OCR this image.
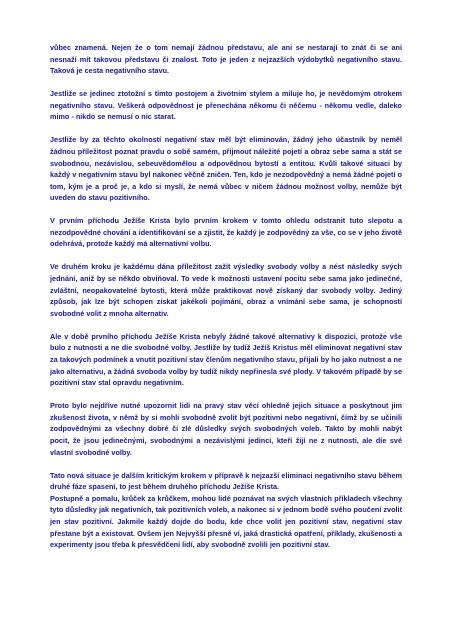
vůbec znamená. Nejen že o tom nemají žádnou představu, ale ani se nestarají to znát či se ani nesnaží mít takovou představu či znalost. Toto je jeden z nejzazších výdobytků negativního stavu. Taková je cesta negativního stavu.

Jestliže se jedinec ztotožní s tímto postojem a životním stylem a miluje ho, je nevědomým otrokem negativního stavu. Veškerá odpovědnost je přenechána někomu či něčemu - někomu vedle, daleko mimo - nikdo se nemusí o nic starat.

Jestliže by za těchto okolností negativní stav měl být eliminován, žádný jeho účastník by neměl žádnou příležitost poznat pravdu o sobě samém, přijmout náležité pojetí a obraz sebe sama a stát se svobodnou, nezávislou, sebeuvědomělou a odpovědnou bytostí a entitou. Kvůli takové situaci by každý v negativním stavu byl nakonec věčně zničen. Ten, kdo je nezodpovědný a nemá žádné pojetí o tom, kým je a proč je, a kdo si myslí, že nemá vůbec v ničem žádnou možnost volby, nemůže být uveden do stavu pozitivního.

V prvním příchodu Ježíše Krista bylo prvním krokem v tomto ohledu odstranit tuto slepotu a nezodpovědné chování a identifikování se a zjistit, že každý je zodpovědný za vše, co se v jeho životě odehrává, protože každý má alternativní volbu.

Ve druhém kroku je každému dána příležitost zažít výsledky svobody volby a nést následky svých jednání, aniž by se někdo obviňoval. To vede k možnosti ustavení pocitu sebe sama jako jedinečné, zvláštní, neopakovatelné bytosti, která může praktikovat nově získaný dar svobody volby. Jediný způsob, jak lze být schopen získat jakékoli pojímání, obraz a vnímání sebe sama, je schopností svobodné volit z mnoha alternativ.

Ale v době prvního příchodu Ježíše Krista nebyly žádné takové alternativy k dispozici, protože vše bulo z nutnosti a ne díe svobodné volby. Jestliže by tudíž Ježíš Kristus měl eliminovat negativní stav za takových podmínek a vnutit pozitivní stav členům negativního stavu, přijali by ho jako nutnost a ne jako alternativu, a žádná svoboda volby by tudíž nikdy nepřinesla své plody. V takovém případě by se pozitivní stav stal opravdu negativním.

Proto bylo nejdříve nutné upozornit lidi na pravý stav věcí ohledně jejich situace a poskytnout jim zkušenost života, v němž by si mohli svobodně zvolit být pozitivní nebo negativní, čímž by se učinili zodpovědnými za všechny dobré či zlé důsledky svých svobodných voleb. Takto by mohli nabýt pocit, že jsou jedinečnými, svobodnými a nezávislými jedinci, kteří žijí ne z nutnosti, ale díe své vlastní svobodné volby.

Tato nová situace je dalším kritickým krokem v přípravě k nejzazší eliminaci negativního stavu během druhé fáze spasení, to jest během druhého příchodu Ježíše Krista.

Postupně a pomalu, krůček za krůčkem, mohou lidé poznávat na svých vlastních příkladech všechny tyto důsledky jak negativních, tak pozitivních voleb, a nakonec si v jednom bodě svého poučení zvolit jen stav pozitivní. Jakmile každý dojde do bodu, kde chce volit jen pozitivní stav, negativní stav přestane být a existovat. Ovšem jen Nejvyšší přesně ví, jaká drastická opatření, příklady, zkušenosti a experimenty jsou třeba k přesvědčení lidí, aby svobodně zvolili jen pozitivní stav.
